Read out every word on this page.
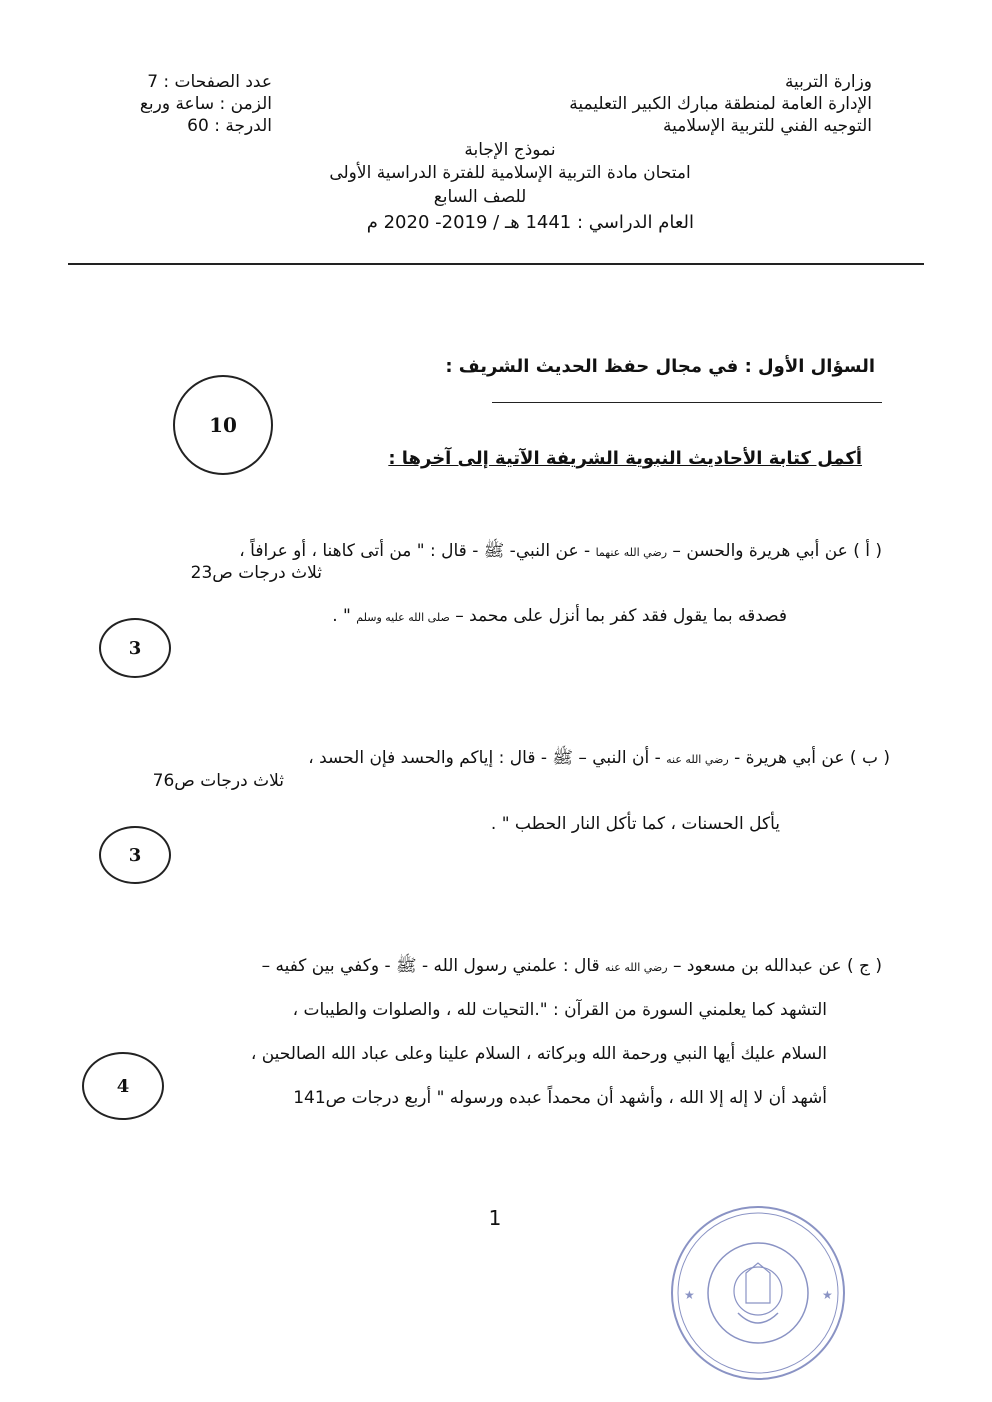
وزارة التربية
الإدارة العامة لمنطقة مبارك الكبير التعليمية
التوجيه الفني للتربية الإسلامية
عدد الصفحات : 7
الزمن : ساعة وربع
الدرجة : 60
نموذج الإجابة
امتحان مادة التربية الإسلامية للفترة الدراسية الأولى
للصف السابع
العام الدراسي : 1441 هـ / 2019- 2020 م
السؤال الأول : في مجال حفظ الحديث الشريف :
10
أكمل كتابة الأحاديث النبوية الشريفة الآتية إلى آخرها :
( أ ) عن أبي هريرة والحسن – رضي الله عنهما - عن النبي- ﷺ - قال : " من أتى كاهنا ، أو عرافاً ،
ثلاث درجات ص23
فصدقه بما يقول فقد كفر بما أنزل على محمد – صلى الله عليه وسلم " .
3
( ب ) عن أبي هريرة - رضي الله عنه - أن النبي – ﷺ - قال : إياكم والحسد فإن الحسد ،
ثلاث درجات ص76
يأكل الحسنات ، كما تأكل النار الحطب " .
3
( ج ) عن عبدالله بن مسعود – رضي الله عنه قال : علمني رسول الله - ﷺ - وكفي بين كفيه –
التشهد كما يعلمني السورة من القرآن : ".التحيات لله ، والصلوات والطيبات ،
السلام عليك أيها النبي ورحمة الله وبركاته ، السلام علينا وعلى عباد الله الصالحين ،
أشهد أن لا إله إلا الله ، وأشهد أن محمداً عبده ورسوله " أربع درجات ص141
4
1
★	★
